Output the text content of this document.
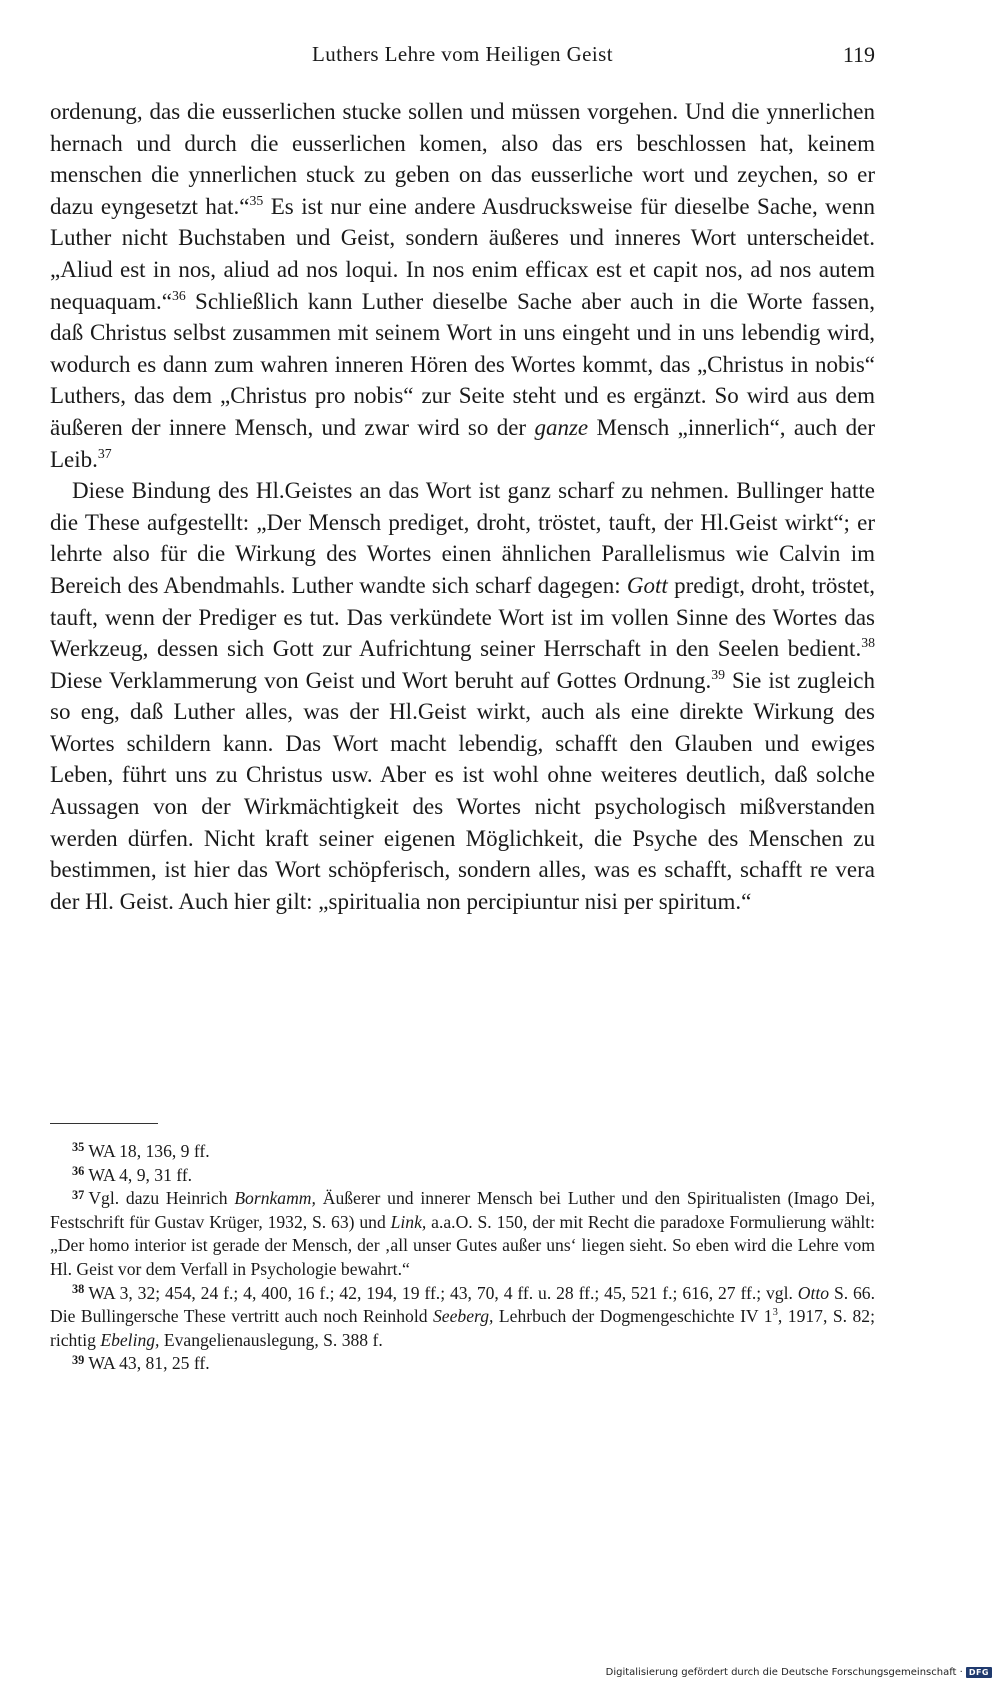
Luthers Lehre vom Heiligen Geist	119

ordenung, das die eusserlichen stucke sollen und müssen vorgehen. Und die ynnerlichen hernach und durch die eusserlichen komen, also das ers beschlossen hat, keinem menschen die ynnerlichen stuck zu geben on das eusserliche wort und zeychen, so er dazu eyngesetzt hat.“$^{35}$ Es ist nur eine andere Ausdrucksweise für dieselbe Sache, wenn Luther nicht Buchstaben und Geist, sondern äußeres und inneres Wort unterscheidet. „Aliud est in nos, aliud ad nos loqui. In nos enim efficax est et capit nos, ad nos autem nequaquam.“$^{36}$ Schließlich kann Luther dieselbe Sache aber auch in die Worte fassen, daß Christus selbst zusammen mit seinem Wort in uns eingeht und in uns lebendig wird, wodurch es dann zum wahren inneren Hören des Wortes kommt, das „Christus in nobis“ Luthers, das dem „Christus pro nobis“ zur Seite steht und es ergänzt. So wird aus dem äußeren der innere Mensch, und zwar wird so der ganze Mensch „innerlich“, auch der Leib.$^{37}$

Diese Bindung des Hl.Geistes an das Wort ist ganz scharf zu nehmen. Bullinger hatte die These aufgestellt: „Der Mensch prediget, droht, tröstet, tauft, der Hl.Geist wirkt“; er lehrte also für die Wirkung des Wortes einen ähnlichen Parallelismus wie Calvin im Bereich des Abendmahls. Luther wandte sich scharf dagegen: Gott predigt, droht, tröstet, tauft, wenn der Prediger es tut. Das verkündete Wort ist im vollen Sinne des Wortes das Werkzeug, dessen sich Gott zur Aufrichtung seiner Herrschaft in den Seelen bedient.$^{38}$ Diese Verklammerung von Geist und Wort beruht auf Gottes Ordnung.$^{39}$ Sie ist zugleich so eng, daß Luther alles, was der Hl.Geist wirkt, auch als eine direkte Wirkung des Wortes schildern kann. Das Wort macht lebendig, schafft den Glauben und ewiges Leben, führt uns zu Christus usw. Aber es ist wohl ohne weiteres deutlich, daß solche Aussagen von der Wirkmächtigkeit des Wortes nicht psychologisch mißverstanden werden dürfen. Nicht kraft seiner eigenen Möglichkeit, die Psyche des Menschen zu bestimmen, ist hier das Wort schöpferisch, sondern alles, was es schafft, schafft re vera der Hl. Geist. Auch hier gilt: „spiritualia non percipiuntur nisi per spiritum.“

$^{35}$ WA 18, 136, 9 ff.

$^{36}$ WA 4, 9, 31 ff.

$^{37}$ Vgl. dazu Heinrich Bornkamm, Äußerer und innerer Mensch bei Luther und den Spiritualisten (Imago Dei, Festschrift für Gustav Krüger, 1932, S. 63) und Link, a.a.O. S. 150, der mit Recht die paradoxe Formulierung wählt: „Der homo interior ist gerade der Mensch, der ‚all unser Gutes außer uns‘ liegen sieht. So eben wird die Lehre vom Hl. Geist vor dem Verfall in Psychologie bewahrt.“

$^{38}$ WA 3, 32; 454, 24 f.; 4, 400, 16 f.; 42, 194, 19 ff.; 43, 70, 4 ff. u. 28 ff.; 45, 521 f.; 616, 27 ff.; vgl. Otto S. 66. Die Bullingersche These vertritt auch noch Reinhold Seeberg, Lehrbuch der Dogmengeschichte IV $1^3$, 1917, S. 82; richtig Ebeling, Evangelienauslegung, S. 388 f.

$^{39}$ WA 43, 81, 25 ff.

Digitalisierung gefördert durch die Deutsche Forschungsgemeinschaft · DFG
